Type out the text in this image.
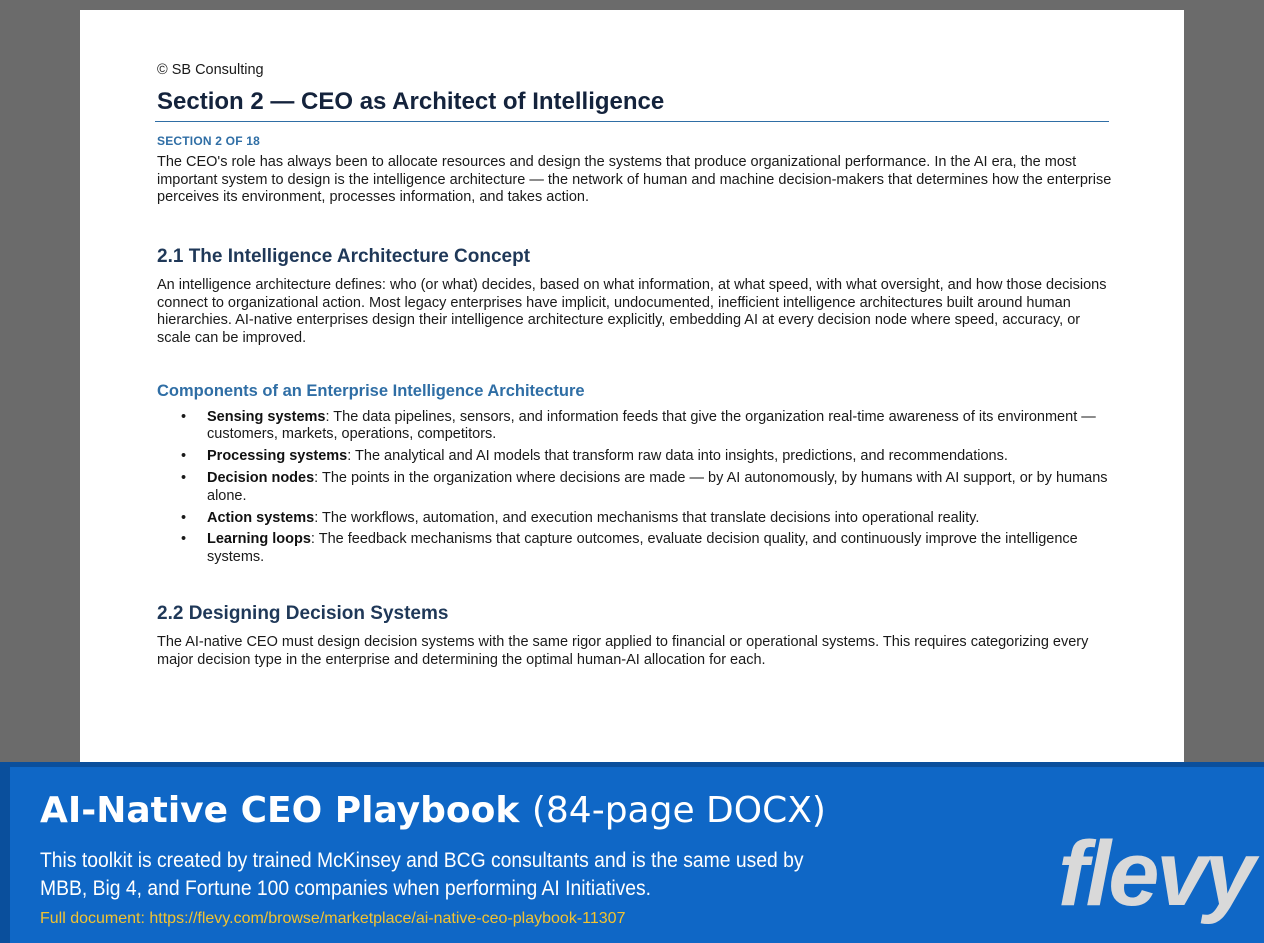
© SB Consulting
Section 2 — CEO as Architect of Intelligence
SECTION 2 OF 18

The CEO's role has always been to allocate resources and design the systems that produce organizational performance. In the AI era, the most important system to design is the intelligence architecture — the network of human and machine decision-makers that determines how the enterprise perceives its environment, processes information, and takes action.

2.1 The Intelligence Architecture Concept

An intelligence architecture defines: who (or what) decides, based on what information, at what speed, with what oversight, and how those decisions connect to organizational action. Most legacy enterprises have implicit, undocumented, inefficient intelligence architectures built around human hierarchies. AI-native enterprises design their intelligence architecture explicitly, embedding AI at every decision node where speed, accuracy, or scale can be improved.

Components of an Enterprise Intelligence Architecture
• Sensing systems: The data pipelines, sensors, and information feeds that give the organization real-time awareness of its environment — customers, markets, operations, competitors.
• Processing systems: The analytical and AI models that transform raw data into insights, predictions, and recommendations.
• Decision nodes: The points in the organization where decisions are made — by AI autonomously, by humans with AI support, or by humans alone.
• Action systems: The workflows, automation, and execution mechanisms that translate decisions into operational reality.
• Learning loops: The feedback mechanisms that capture outcomes, evaluate decision quality, and continuously improve the intelligence systems.
2.2 Designing Decision Systems

The AI-native CEO must design decision systems with the same rigor applied to financial or operational systems. This requires categorizing every major decision type in the enterprise and determining the optimal human-AI allocation for each.

AI-Native CEO Playbook (84-page DOCX)

This toolkit is created by trained McKinsey and BCG consultants and is the same used by MBB, Big 4, and Fortune 100 companies when performing AI Initiatives.

Full document: https://flevy.com/browse/marketplace/ai-native-ceo-playbook-11307	flevy
